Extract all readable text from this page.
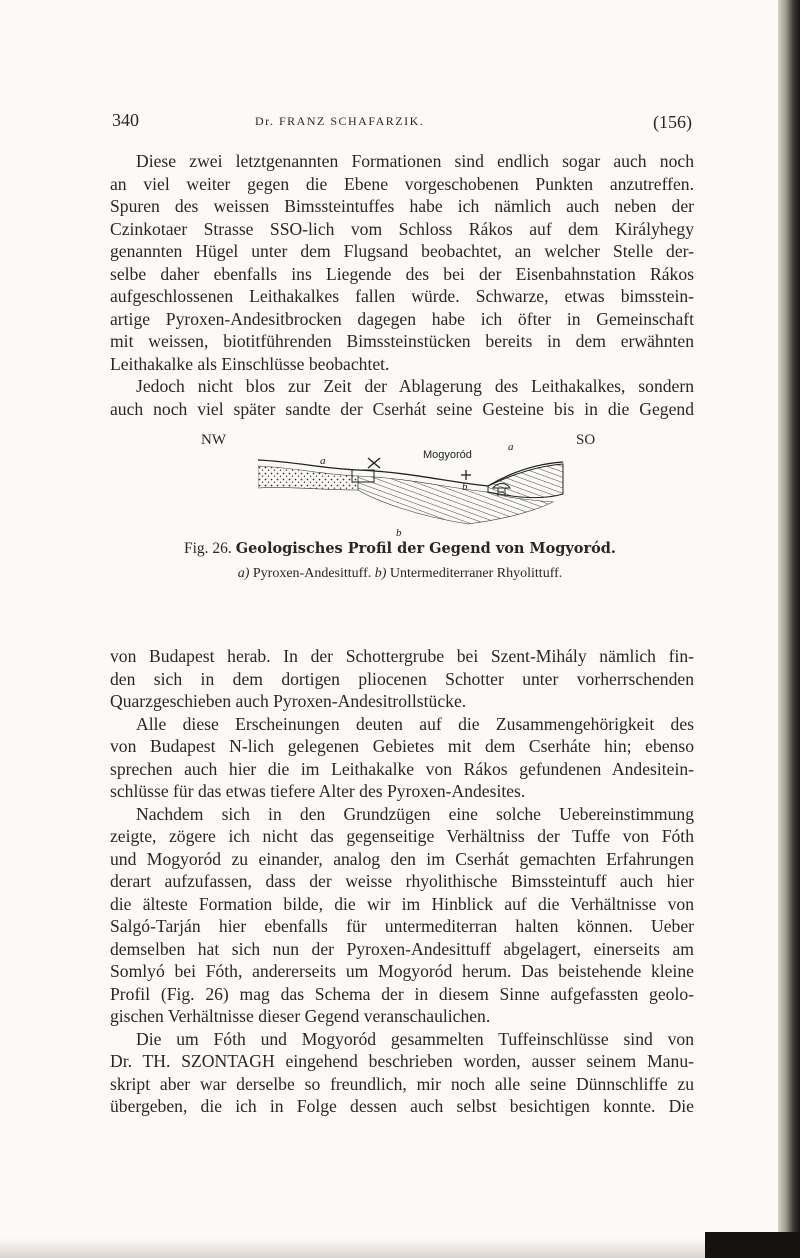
340	Dr. FRANZ SCHAFARZIK.	(156)
Diese zwei letztgenannten Formationen sind endlich sogar auch noch
an viel weiter gegen die Ebene vorgeschobenen Punkten anzutreffen.
Spuren des weissen Bimssteintuffes habe ich nämlich auch neben der
Czinkotaer Strasse SSO-lich vom Schloss Rákos auf dem Királyhegy
genannten Hügel unter dem Flugsand beobachtet, an welcher Stelle der-
selbe daher ebenfalls ins Liegende des bei der Eisenbahnstation Rákos
aufgeschlossenen Leithakalkes fallen würde. Schwarze, etwas bimsstein-
artige Pyroxen-Andesitbrocken dagegen habe ich öfter in Gemeinschaft
mit weissen, biotitführenden Bimssteinstücken bereits in dem erwähnten
Leithakalke als Einschlüsse beobachtet.
Jedoch nicht blos zur Zeit der Ablagerung des Leithakalkes, sondern
auch noch viel später sandte der Cserhát seine Gesteine bis in die Gegend
NW	SO
a	Mogyoród
a
b
b
Fig. 26. Geologisches Profil der Gegend von Mogyoród.
a) Pyroxen-Andesittuff. b) Untermediterraner Rhyolittuff.
von Budapest herab. In der Schottergrube bei Szent-Mihály nämlich fin-
den sich in dem dortigen pliocenen Schotter unter vorherrschenden
Quarzgeschieben auch Pyroxen-Andesitrollstücke.
Alle diese Erscheinungen deuten auf die Zusammengehörigkeit des
von Budapest N-lich gelegenen Gebietes mit dem Cserháte hin; ebenso
sprechen auch hier die im Leithakalke von Rákos gefundenen Andesitein-
schlüsse für das etwas tiefere Alter des Pyroxen-Andesites.
Nachdem sich in den Grundzügen eine solche Uebereinstimmung
zeigte, zögere ich nicht das gegenseitige Verhältniss der Tuffe von Fóth
und Mogyoród zu einander, analog den im Cserhát gemachten Erfahrungen
derart aufzufassen, dass der weisse rhyolithische Bimssteintuff auch hier
die älteste Formation bilde, die wir im Hinblick auf die Verhältnisse von
Salgó-Tarján hier ebenfalls für untermediterran halten können. Ueber
demselben hat sich nun der Pyroxen-Andesittuff abgelagert, einerseits am
Somlyó bei Fóth, andererseits um Mogyoród herum. Das beistehende kleine
Profil (Fig. 26) mag das Schema der in diesem Sinne aufgefassten geolo-
gischen Verhältnisse dieser Gegend veranschaulichen.
Die um Fóth und Mogyoród gesammelten Tuffeinschlüsse sind von
Dr. TH. SZONTAGH eingehend beschrieben worden, ausser seinem Manu-
skript aber war derselbe so freundlich, mir noch alle seine Dünnschliffe zu
übergeben, die ich in Folge dessen auch selbst besichtigen konnte. Die
